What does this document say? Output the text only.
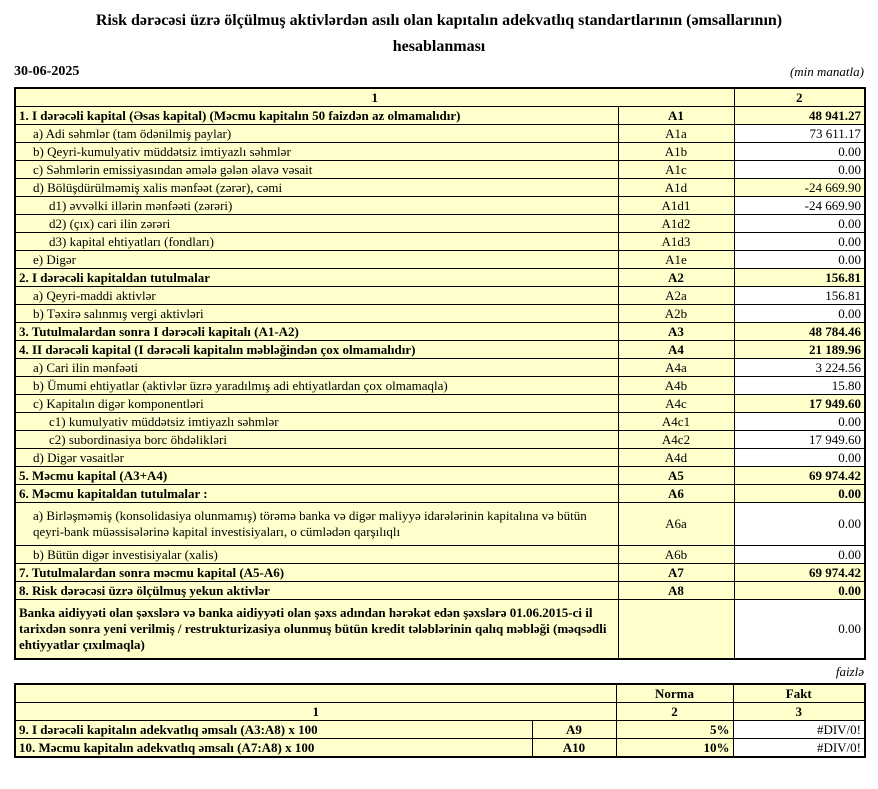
Risk dərəcəsi üzrə ölçülmuş aktivlərdən asılı olan kapıtalın adekvatlıq standartlarının (əmsallarının)
hesablanması
30-06-2025	(min manatla)
1		2
1. I dərəcəli kapital (Əsas kapital) (Məcmu kapitalın 50 faizdən az olmamalıdır)	A1	48 941.27
a) Adi səhmlər (tam ödənilmiş paylar)	A1a	73 611.17
b) Qeyri-kumulyativ müddətsiz imtiyazlı səhmlər	A1b	0.00
c) Səhmlərin emissiyasından əmələ gələn əlavə vəsait	A1c	0.00
d) Bölüşdürülməmiş xalis mənfəət (zərər), cəmi	A1d	-24 669.90
d1) əvvəlki illərin mənfəəti (zərəri)	A1d1	-24 669.90
d2) (çıx) cari ilin zərəri	A1d2	0.00
d3) kapital ehtiyatları (fondları)	A1d3	0.00
e) Digər	A1e	0.00
2. I dərəcəli kapitaldan tutulmalar	A2	156.81
a) Qeyri-maddi aktivlər	A2a	156.81
b) Təxirə salınmış vergi aktivləri	A2b	0.00
3. Tutulmalardan sonra I dərəcəli kapitalı (A1-A2)	A3	48 784.46
4. II dərəcəli kapital (I dərəcəli kapitalın məbləğindən çox olmamalıdır)	A4	21 189.96
a) Cari ilin mənfəəti	A4a	3 224.56
b) Ümumi ehtiyatlar (aktivlər üzrə yaradılmış adi ehtiyatlardan çox olmamaqla)	A4b	15.80
c) Kapitalın digər komponentləri	A4c	17 949.60
c1) kumulyativ müddətsiz imtiyazlı səhmlər	A4c1	0.00
c2) subordinasiya borc öhdəlikləri	A4c2	17 949.60
d) Digər vəsaitlər	A4d	0.00
5. Məcmu kapital (A3+A4)	A5	69 974.42
6. Məcmu kapitaldan tutulmalar :	A6	0.00
a) Birləşməmiş (konsolidasiya olunmamış) törəmə banka və digər maliyyə idarələrinin kapitalına və bütün qeyri-bank müəssisələrinə kapital investisiyaları, o cümlədən qarşılıqlı	A6a	0.00
b) Bütün digər investisiyalar (xalis)	A6b	0.00
7. Tutulmalardan sonra məcmu kapital (A5-A6)	A7	69 974.42
8. Risk dərəcəsi üzrə ölçülmuş yekun aktivlər	A8	0.00
Banka aidiyyəti olan şəxslərə və banka aidiyyəti olan şəxs adından hərəkət edən şəxslərə 01.06.2015-ci il tarixdən sonra yeni verilmiş / restrukturizasiya olunmuş bütün kredit tələblərinin qalıq məbləği (məqsədli ehtiyyatlar çıxılmaqla)		0.00
faizlə
		Norma	Fakt
1		2	3
9. I dərəcəli kapitalın adekvatlıq əmsalı (A3:A8) x 100	A9	5%	#DIV/0!
10. Məcmu kapitalın adekvatlıq əmsalı (A7:A8) x 100	A10	10%	#DIV/0!
